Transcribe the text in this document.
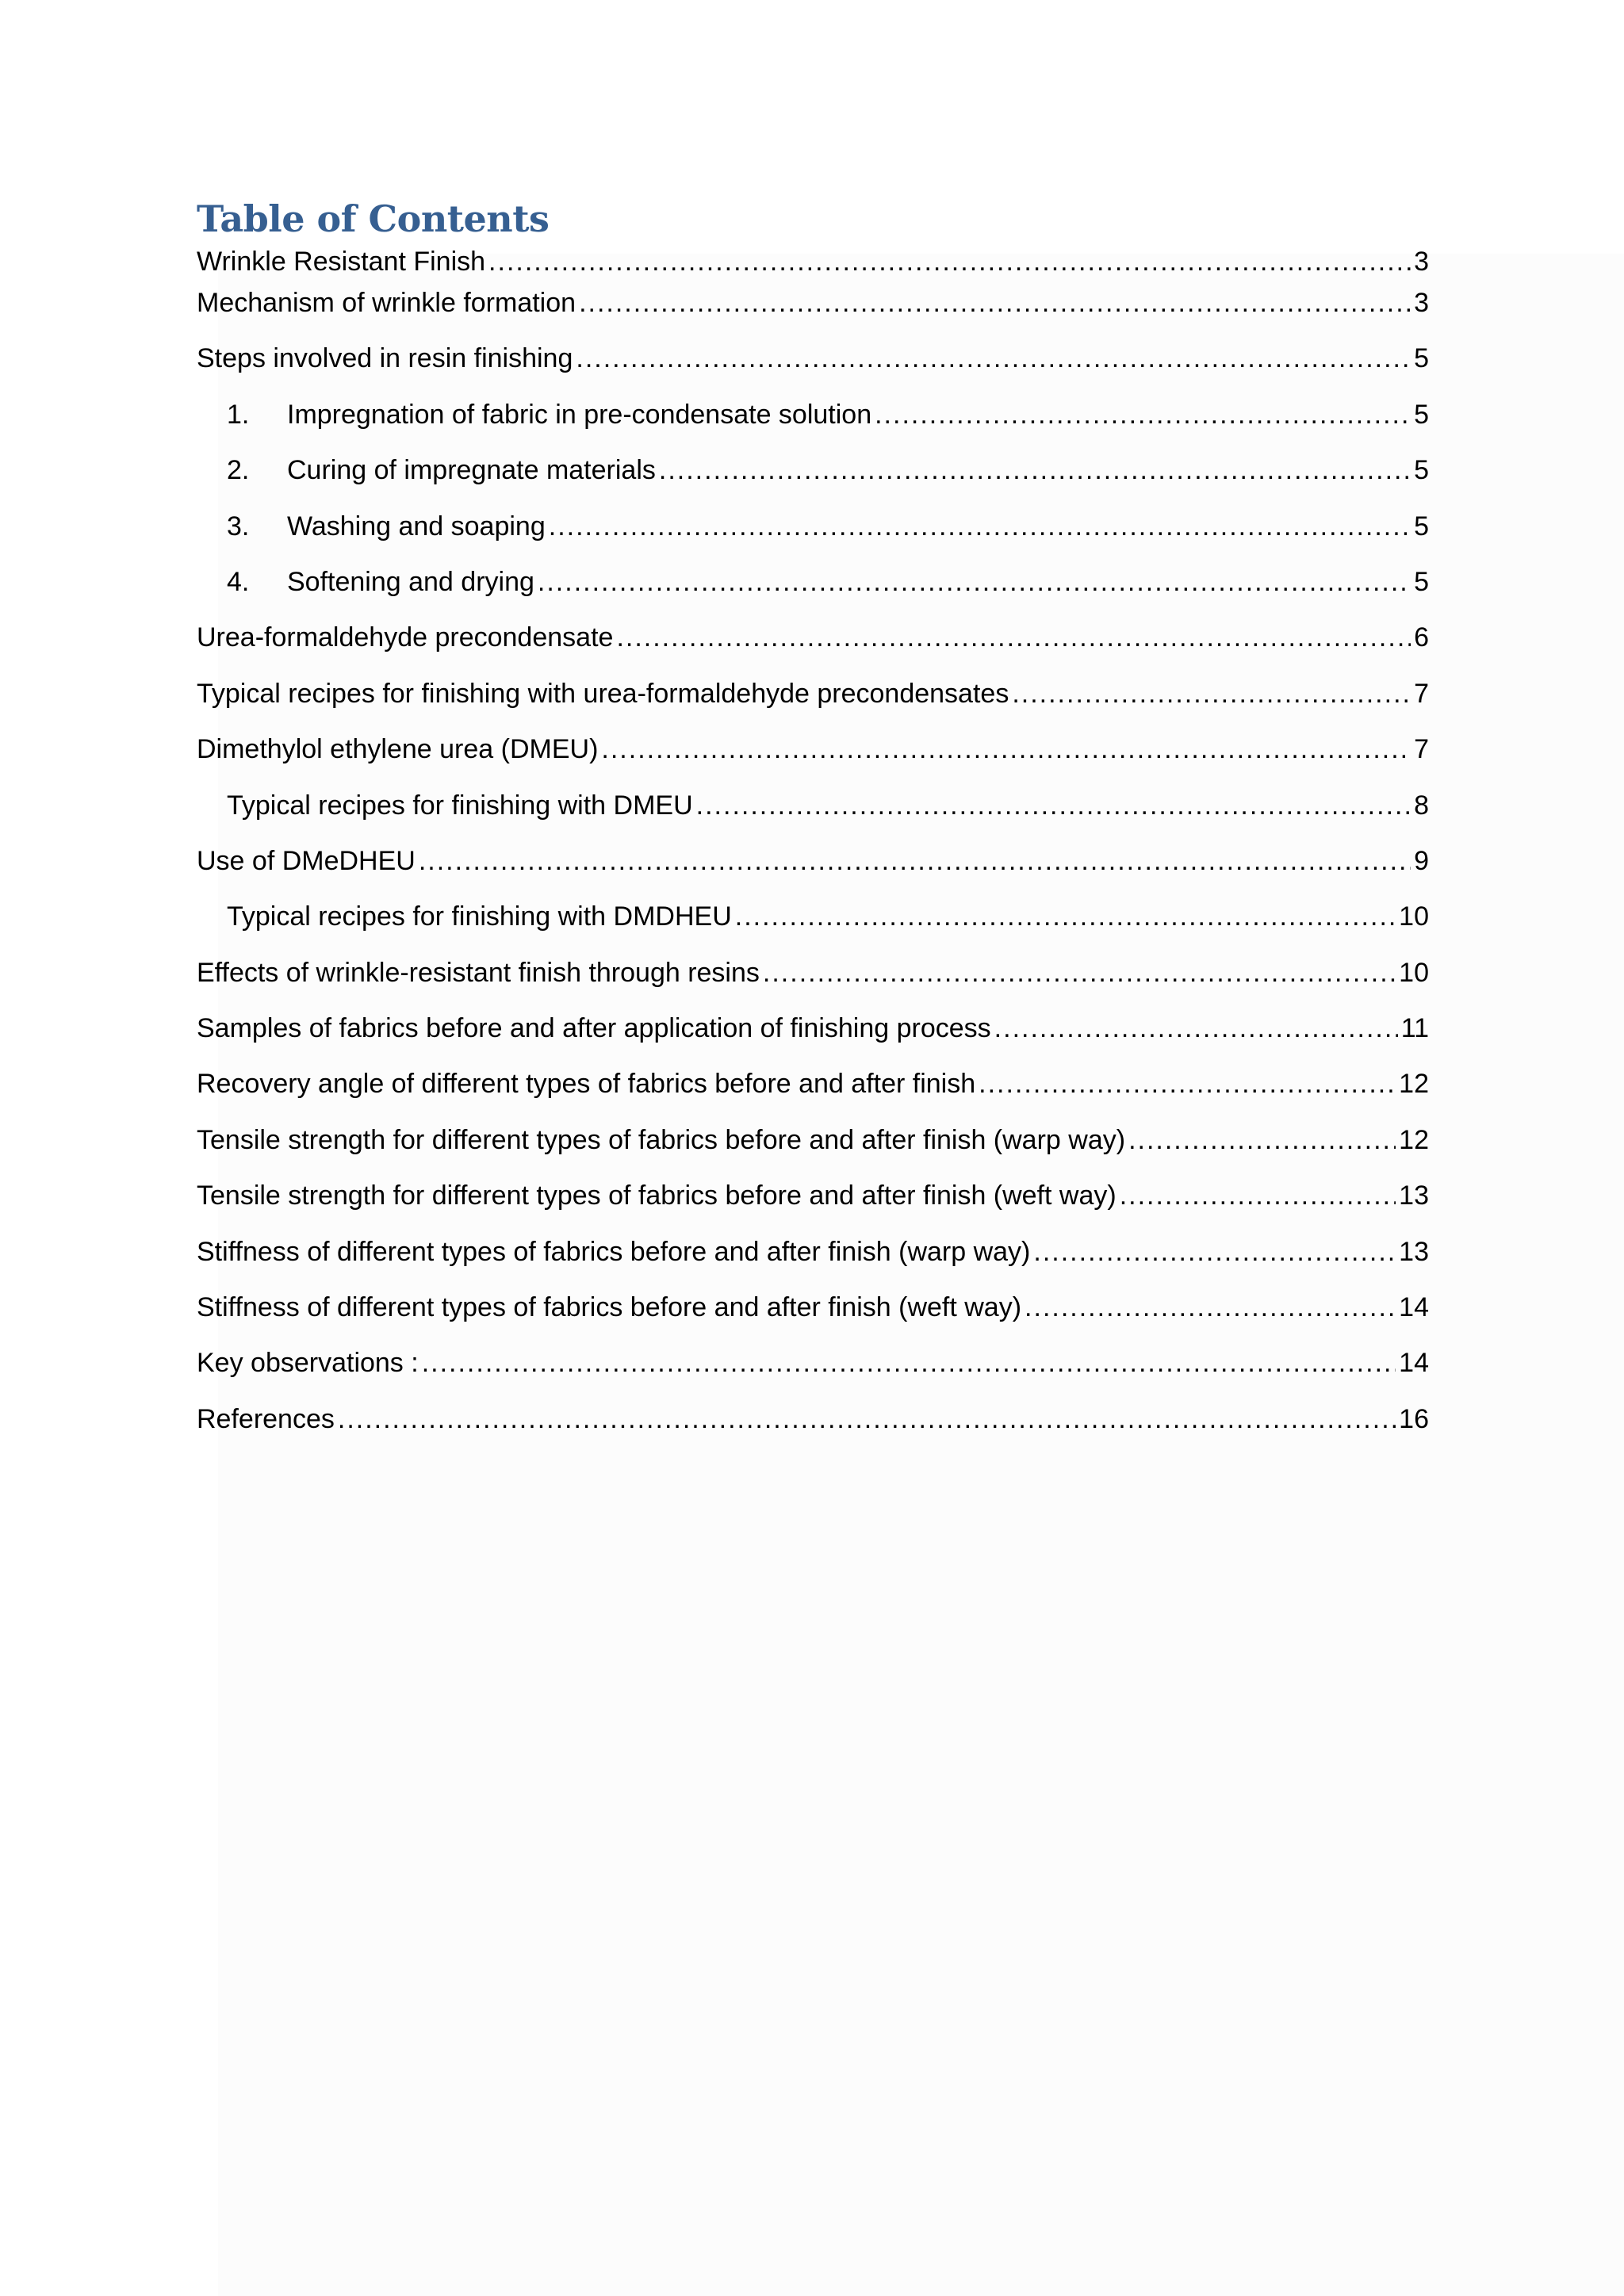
Table of Contents
Wrinkle Resistant Finish .....	3
Mechanism of wrinkle formation .....	3
Steps involved in resin finishing .....	5
1.	Impregnation of fabric in pre-condensate solution .....	5
2.	Curing of impregnate materials .....	5
3.	Washing and soaping .....	5
4.	Softening and drying .....	5
Urea-formaldehyde precondensate .....	6
Typical recipes for finishing with urea-formaldehyde precondensates .....	7
Dimethylol ethylene urea (DMEU) .....	7
Typical recipes for finishing with DMEU .....	8
Use of DMeDHEU .....	9
Typical recipes for finishing with DMDHEU .....	10
Effects of wrinkle-resistant finish through resins .....	10
Samples of fabrics before and after application of finishing process .....	11
Recovery angle of different types of fabrics before and after finish .....	12
Tensile strength for different types of fabrics before and after finish (warp way) .....	12
Tensile strength for different types of fabrics before and after finish (weft way) .....	13
Stiffness of different types of fabrics before and after finish (warp way) .....	13
Stiffness of different types of fabrics before and after finish (weft way) .....	14
Key observations : .....	14
References .....	16
